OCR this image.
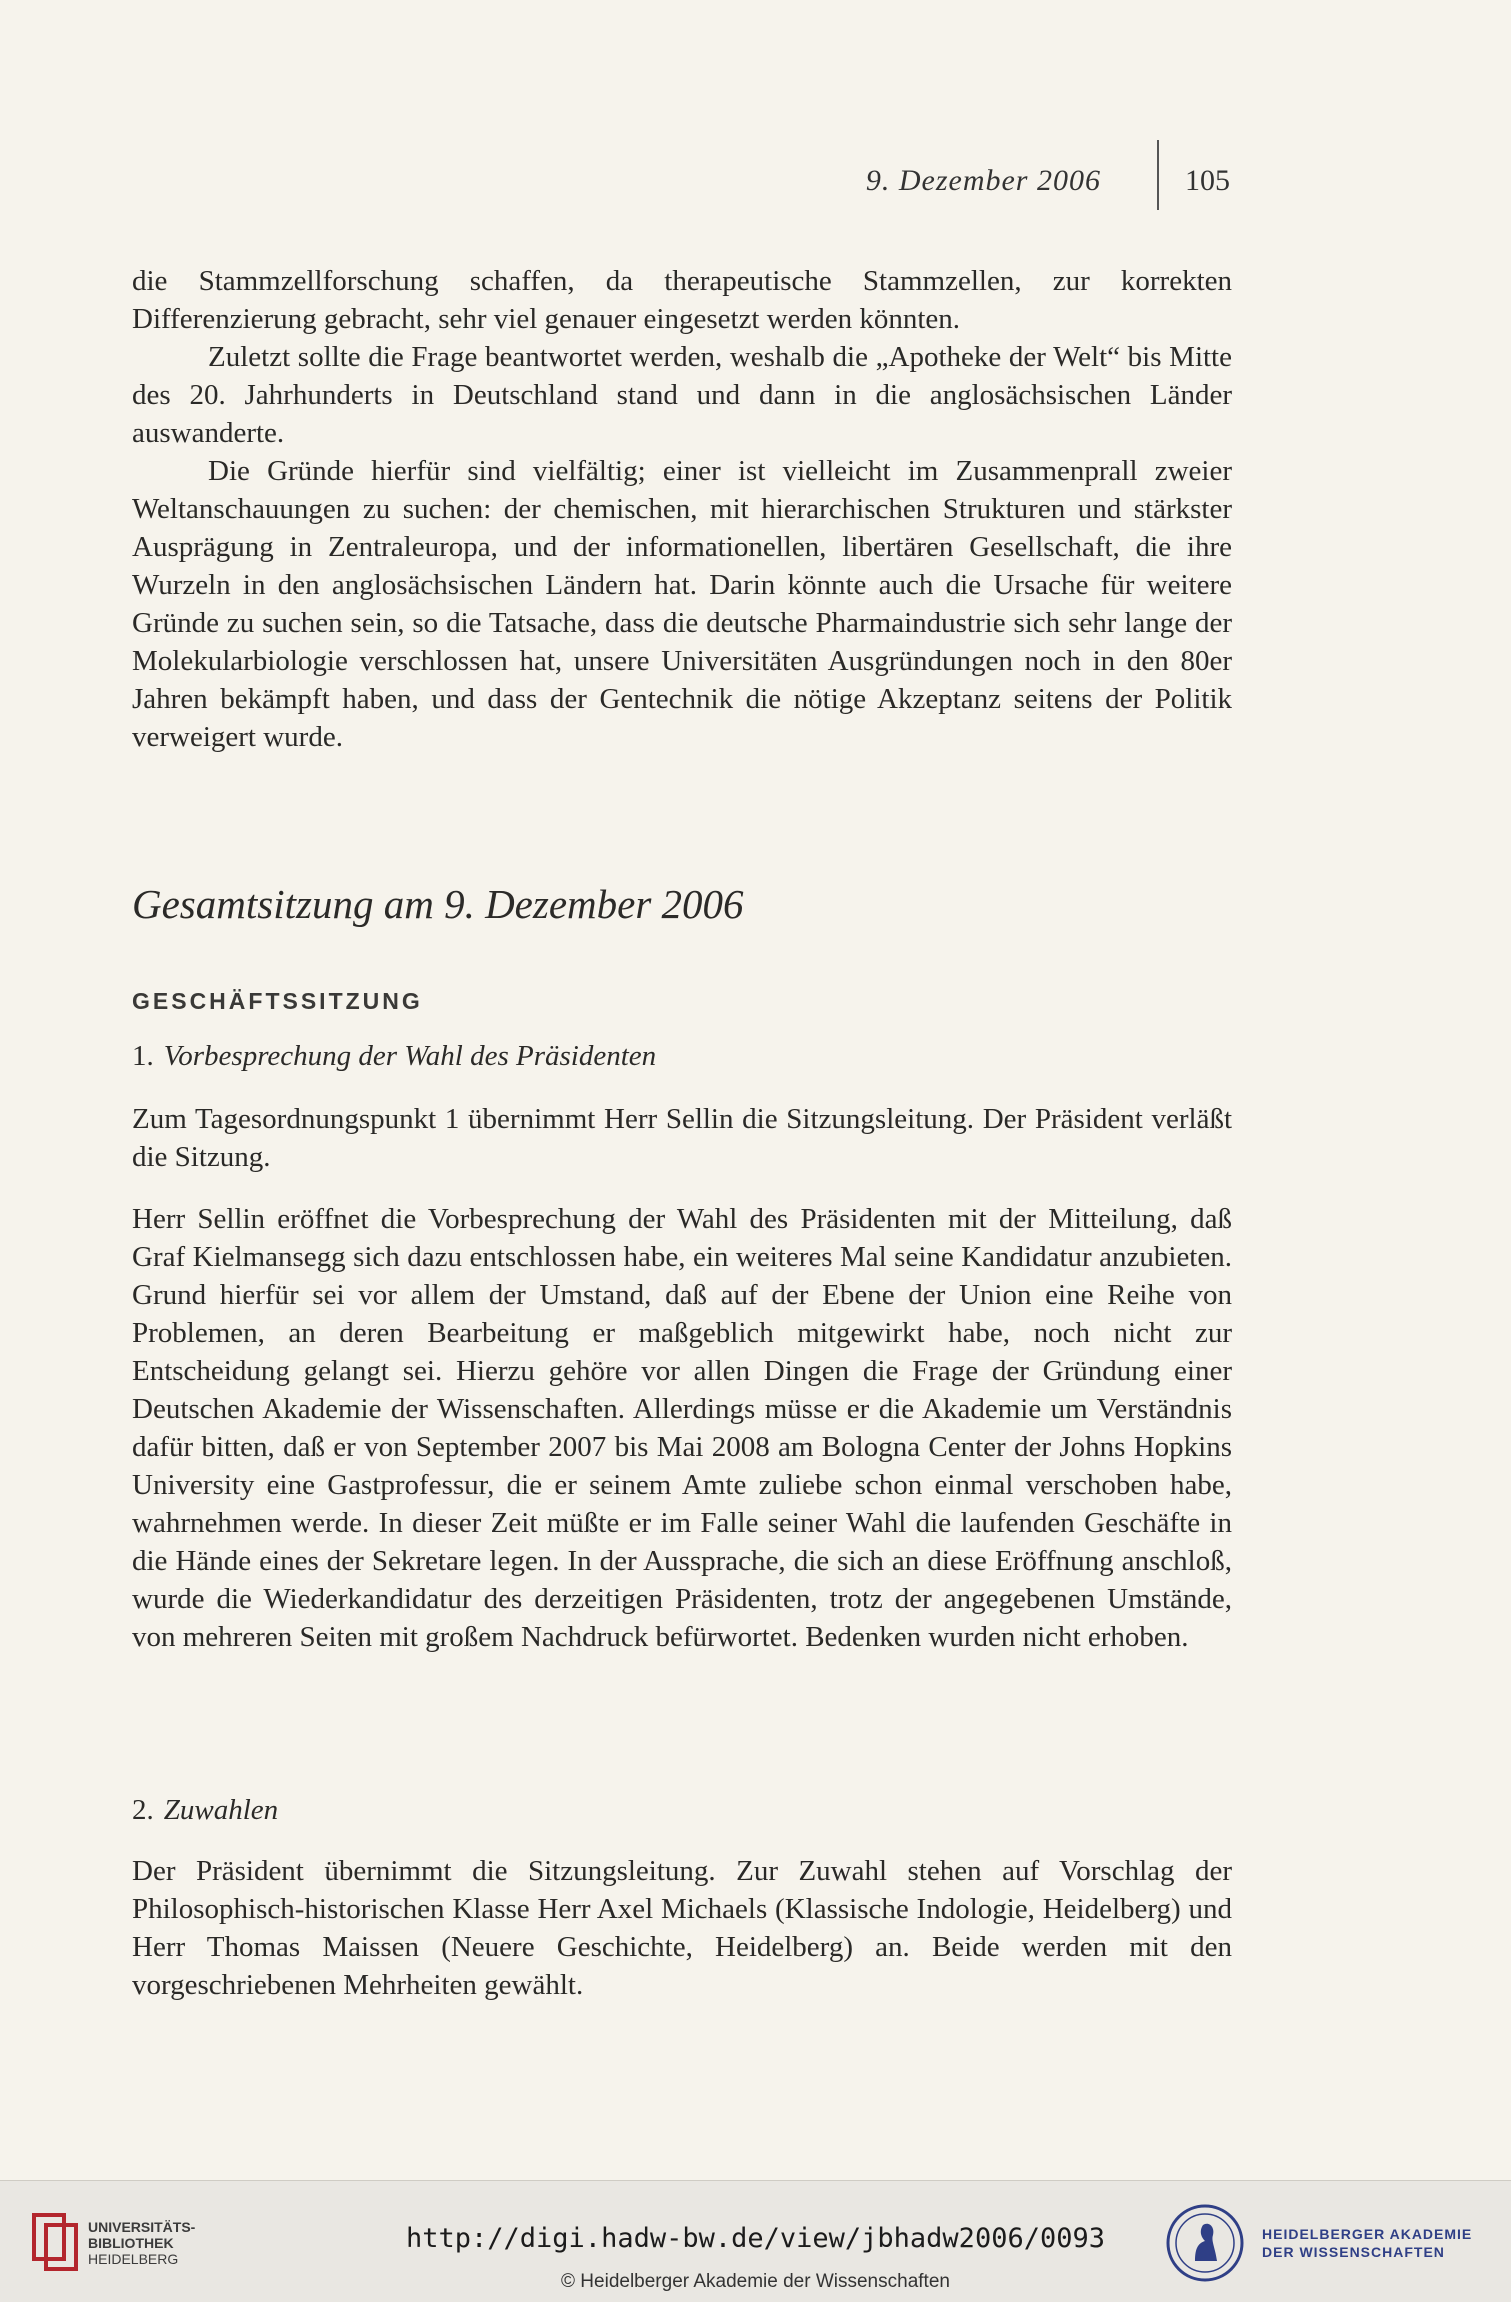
9. Dezember 2006	105

die Stammzellforschung schaffen, da therapeutische Stammzellen, zur korrekten Differenzierung gebracht, sehr viel genauer eingesetzt werden könnten.

Zuletzt sollte die Frage beantwortet werden, weshalb die „Apotheke der Welt“ bis Mitte des 20. Jahrhunderts in Deutschland stand und dann in die anglosächsischen Länder auswanderte.

Die Gründe hierfür sind vielfältig; einer ist vielleicht im Zusammenprall zweier Weltanschauungen zu suchen: der chemischen, mit hierarchischen Strukturen und stärkster Ausprägung in Zentraleuropa, und der informationellen, libertären Gesellschaft, die ihre Wurzeln in den anglosächsischen Ländern hat. Darin könnte auch die Ursache für weitere Gründe zu suchen sein, so die Tatsache, dass die deutsche Pharmaindustrie sich sehr lange der Molekularbiologie verschlossen hat, unsere Universitäten Ausgründungen noch in den 80er Jahren bekämpft haben, und dass der Gentechnik die nötige Akzeptanz seitens der Politik verweigert wurde.

Gesamtsitzung am 9. Dezember 2006
GESCHÄFTSSITZUNG
1. Vorbesprechung der Wahl des Präsidenten

Zum Tagesordnungspunkt 1 übernimmt Herr Sellin die Sitzungsleitung. Der Präsident verläßt die Sitzung.

Herr Sellin eröffnet die Vorbesprechung der Wahl des Präsidenten mit der Mitteilung, daß Graf Kielmansegg sich dazu entschlossen habe, ein weiteres Mal seine Kandidatur anzubieten. Grund hierfür sei vor allem der Umstand, daß auf der Ebene der Union eine Reihe von Problemen, an deren Bearbeitung er maßgeblich mitgewirkt habe, noch nicht zur Entscheidung gelangt sei. Hierzu gehöre vor allen Dingen die Frage der Gründung einer Deutschen Akademie der Wissenschaften. Allerdings müsse er die Akademie um Verständnis dafür bitten, daß er von September 2007 bis Mai 2008 am Bologna Center der Johns Hopkins University eine Gastprofessur, die er seinem Amte zuliebe schon einmal verschoben habe, wahrnehmen werde. In dieser Zeit müßte er im Falle seiner Wahl die laufenden Geschäfte in die Hände eines der Sekretare legen. In der Aussprache, die sich an diese Eröffnung anschloß, wurde die Wiederkandidatur des derzeitigen Präsidenten, trotz der angegebenen Umstände, von mehreren Seiten mit großem Nachdruck befürwortet. Bedenken wurden nicht erhoben.

2. Zuwahlen

Der Präsident übernimmt die Sitzungsleitung. Zur Zuwahl stehen auf Vorschlag der Philosophisch-historischen Klasse Herr Axel Michaels (Klassische Indologie, Heidelberg) und Herr Thomas Maissen (Neuere Geschichte, Heidelberg) an. Beide werden mit den vorgeschriebenen Mehrheiten gewählt.

UNIVERSITÄTS-
BIBLIOTHEK
HEIDELBERG
http://digi.hadw-bw.de/view/jbhadw2006/0093
© Heidelberger Akademie der Wissenschaften
HEIDELBERGER AKADEMIE
DER WISSENSCHAFTEN
